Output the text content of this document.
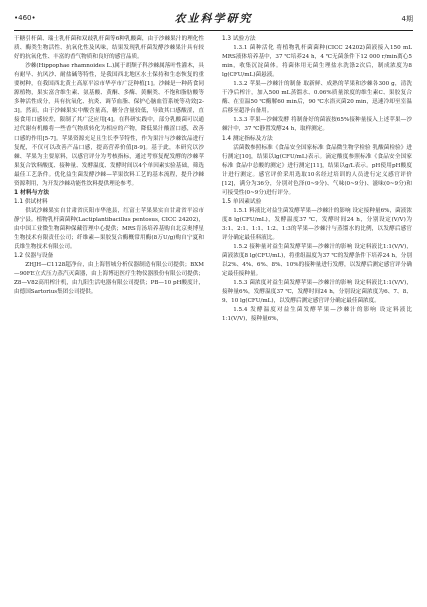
•460•	农业科学研究	4期

干糖引杆菌、瑞士乳杆菌和双歧乳杆菌等6种乳酸菌，由于沙棘果汁的理化性质、酶类生物活性、抗氧化性及风味，结果发现乳杆菌发酵沙棘果汁具有较好的抗氧化性、丰富的香气物质和良好的感官品质。

沙棘(Hippophae rhamnoides L.)属于胡颓子科沙棘属落叶性灌木，具有耐旱、抗风沙、耐盐碱等特性，是我国西北地区水土保持和生态恢复的重要树种，在我国西北黄土高原平凉市华亭市广泛种植[1]。沙棘是一种药食同源植物，果实富含维生素、氨基酸、黄酮、多酶、黄酮类、不饱和脂肪酸等多种活性成分，具有抗氧化、抗炎、调节血脂、保护心脑血管系统等功效[2-3]。然而，由于沙棘果实中酸含量高，糖分含量较低，导致其口感酸涩，直接食用口感较差，限制了其广泛应用[4]。在科研实践中，部分乳酸菌可以通过代谢有机酸将一些香气物质转化为相应的产物，降低果汁酸涩口感，改善口感的作用[5-7]。苹果资源充足且生长季节特性，作为果汁与沙棘饮品进行复配，不仅可以改善产品口感，提高营养价值[8-9]。基于此，本研究以沙棘、苹果为主要原料，以感官评分为考核指标，通过考察复配发酵的沙棘苹果复合饮料酸度、接种量、发酵温度、发酵时间以4个单因素实验基础，筛选最佳工艺条件。优化益生菌发酵沙棘—苹果饮料工艺的基本流程，提升沙棘资源利用，为开发沙棘功能性饮料提供理论参考。

1 材料与方法

1.1 供试材料

供试沙棘果实自甘肃省庆阳市华池县，红富士苹果果实自甘肃省平凉市静宁县。植物乳杆菌菌种(Lactiplantibacillus pentosus, CICC 24202)，由中国工业微生物菌种保藏管理中心提供；MRS肯汤培养基购自北京奥博星生物技术有限责任公司；纤维素—果胶复合酶概常用酶(8万U/g)购自宁夏和氏维生物技术有限公司。

1.2 仪器与设备

ZHJH—C1128超净台，由上海智城分析仪器制造有限公司提供；BXM—90FE立式压力蒸汽灭菌器，由上海博迅医疗生物仪器股份有限公司提供；Z8—V82高用榨汁机，由九阳生活电器有限公司提供；PB—10 pH酸度计，由德国Sartorius集团公司提供。

1.3 试验方法

1.3.1 菌种活化 将植物乳杆菌菌种(CICC 24202)菌液接入150 mL MRS液体培养基中，37 ℃培养24 h，4 ℃无菌条件下12 000 r/min离心5 min，收集沉淀菌体。将菌体用无菌生理盐水洗涤2次后，制成浓度为8 lg(CFU/mL)菌悬液。

1.3.2 苹果—沙棘汁的制备 取新鲜、成熟的苹果和沙棘各300 g，清洗干净后榨汁，加入500 mL蒸馏水、0.06%质量浓度的维生素C、果胶复合酶、在室温50 ℃酶解60 min后，90 ℃水浴灭菌20 min，迅速冷却至室温后移至超净台备用。

1.3.3 苹果—沙棘发酵 将制备好的菌液按65%接种量接入上述苹果—沙棘汁中，37 ℃静置发酵24 h，取样测定。

1.4 测定指标及方法

活菌数参照标准《食品安全国家标准 食品微生物学检验 乳酸菌检验》进行测定[10]，结果以lg(CFU/mL)表示。滴定酸度参照标准《食品安全国家标准 食品中总酸的测定》进行测定[11]，结果以g/L表示。pH使用pH酸度计进行测定。感官评价采用选取10名经过培训的人员进行定义感官评价[12]，满分为36分，分别对色泽(0~9分)、气味(0~9分)、滋味(0~9分)和可接受性(0~9分)进行评分。

1.5 单因素试验

1.5.1 料液比对益生菌发酵苹果—沙棘汁的影响 设定接种量6%，菌液浓度8 lg(CFU/mL)，发酵温度37 ℃，发酵时间24 h，分别设定(V/V)为3:1、2:1、1:1、1:2、1:3的苹果—沙棘汁与蒸馏水的比例，以发酵后感官评分确定最佳料液比。

1.5.2 接种量对益生菌发酵苹果—沙棘汁的影响 设定料液比1:1(V/V)，菌液浓度8 lg(CFU/mL)，将重组温度为37 ℃的发酵条件下培养24 h，分别以2%、4%、6%、8%、10%的接种量进行发酵，以发酵后测定感官评分确定最佳接种量。

1.5.3 菌浓度对益生菌发酵苹果—沙棘汁的影响 设定料液比1:1(V/V)，接种量6%，发酵温度37 ℃，发酵时间24 h，分别设定菌浓度为6、7、8、9、10 lg(CFU/mL)，以发酵后测定感官评分确定最佳菌浓度。

1.5.4 发酵温度对益生菌发酵苹果—沙棘汁的影响 设定料液比1:1(V/V)，接种量6%，
